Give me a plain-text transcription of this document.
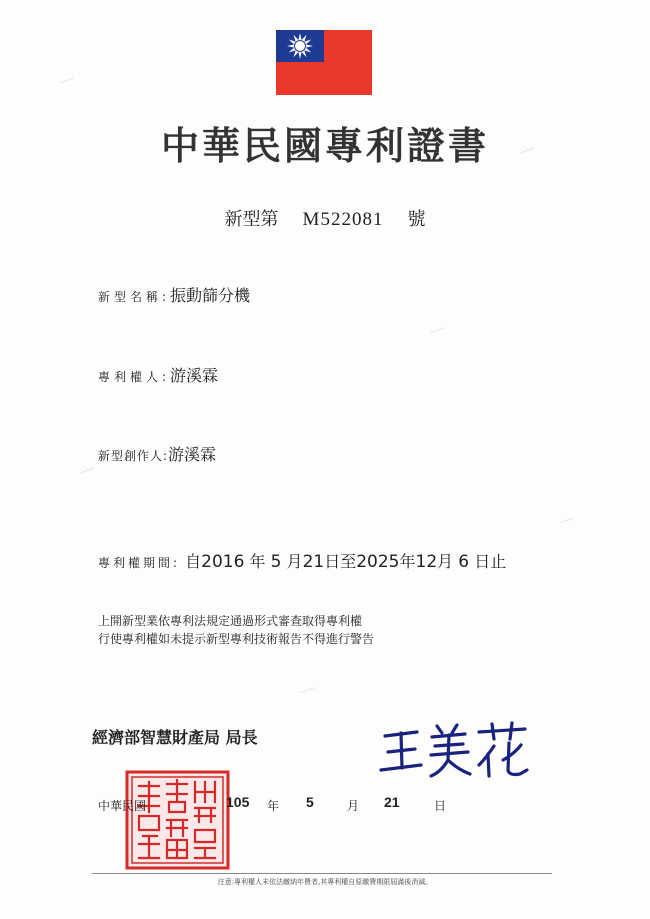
中華民國專利證書
新型第 M522081 號
新型名稱:振動篩分機
專利權人:游溪霖
新型創作人:游溪霖
專利權期間: 自2016 年 5 月21日至2025年12月 6 日止
上開新型業依專利法規定通過形式審查取得專利權
行使專利權如未提示新型專利技術報告不得進行警告
經濟部智慧財產局 局長
中華民國	105 年 5	月 21	日
注意:專利權人未依法繳納年費者,其專利權自原繳費期限屆滿後消滅。
